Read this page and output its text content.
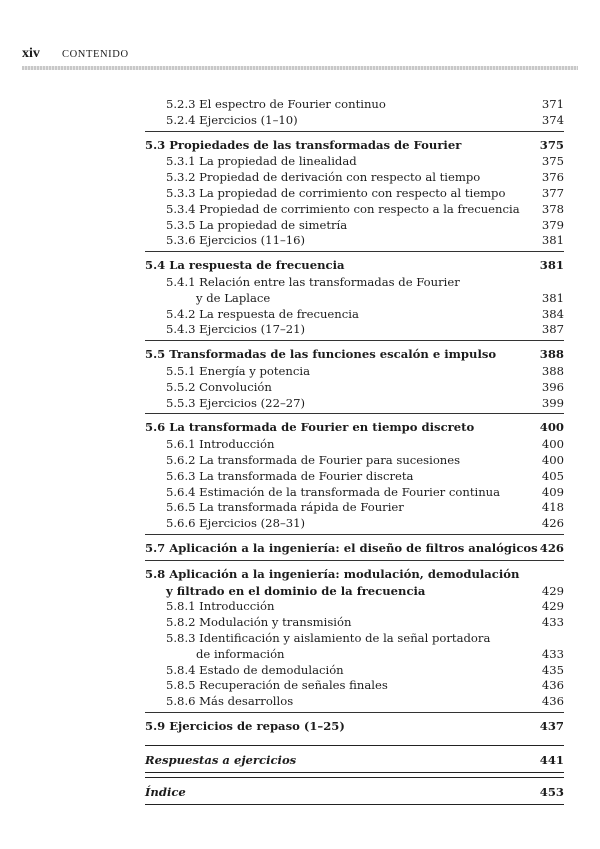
xiv CONTENIDO
5.2.3 El espectro de Fourier continuo	371
5.2.4 Ejercicios (1–10)	374
5.3 Propiedades de las transformadas de Fourier	375
5.3.1 La propiedad de linealidad	375
5.3.2 Propiedad de derivación con respecto al tiempo	376
5.3.3 La propiedad de corrimiento con respecto al tiempo	377
5.3.4 Propiedad de corrimiento con respecto a la frecuencia 378
5.3.5 La propiedad de simetría	379
5.3.6 Ejercicios (11–16)	381
5.4 La respuesta de frecuencia	381
5.4.1 Relación entre las transformadas de Fourier
y de Laplace	381
5.4.2 La respuesta de frecuencia	384
5.4.3 Ejercicios (17–21)	387
5.5 Transformadas de las funciones escalón e impulso	388
5.5.1 Energía y potencia	388
5.5.2 Convolución	396
5.5.3 Ejercicios (22–27)	399
5.6 La transformada de Fourier en tiempo discreto	400
5.6.1 Introducción	400
5.6.2 La transformada de Fourier para sucesiones	400
5.6.3 La transformada de Fourier discreta	405
5.6.4 Estimación de la transformada de Fourier continua	409
5.6.5 La transformada rápida de Fourier	418
5.6.6 Ejercicios (28–31)	426
5.7 Aplicación a la ingeniería: el diseño de filtros analógicos 426
5.8 Aplicación a la ingeniería: modulación, demodulación
y filtrado en el dominio de la frecuencia	429
5.8.1 Introducción	429
5.8.2 Modulación y transmisión	433
5.8.3 Identificación y aislamiento de la señal portadora
de información	433
5.8.4 Estado de demodulación	435
5.8.5 Recuperación de señales finales	436
5.8.6 Más desarrollos	436
5.9 Ejercicios de repaso (1–25)	437
Respuestas a ejercicios	441
Índice	453
